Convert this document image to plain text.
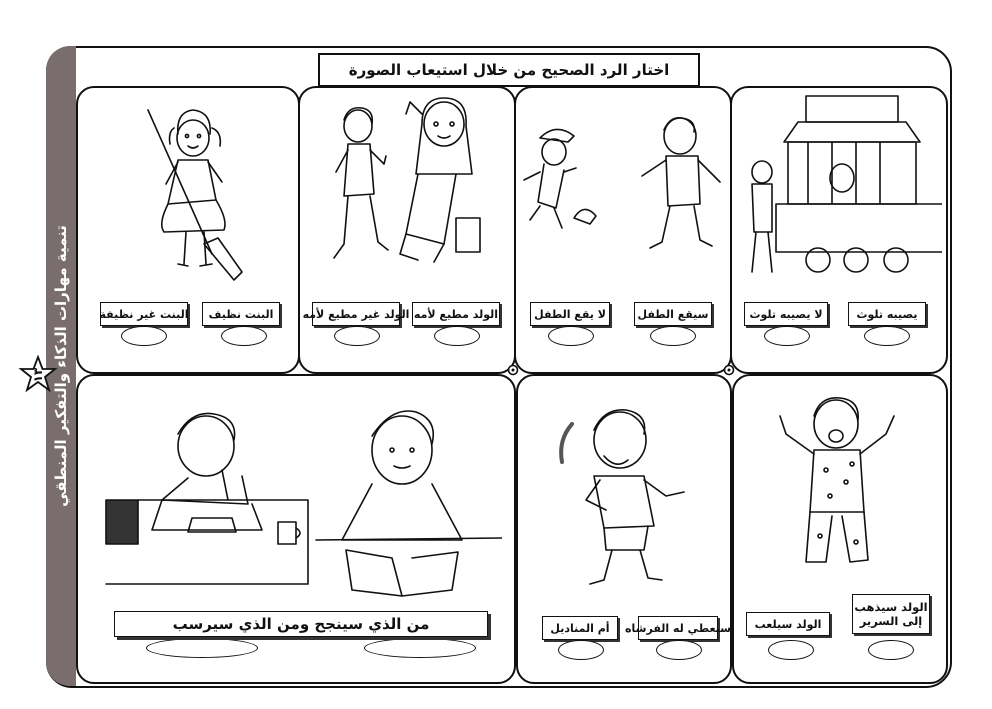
تنمية مهارات الذكاء والتفكير المنطقي
١٣
اختار الرد الصحيح من خلال استيعاب الصورة
البنت نظيف
البنت غير نظيفة	الولد مطيع لأمه
الولد غير مطيع لأمه	سيقع الطفل
لا يقع الطفل	يصيبه تلوث
لا يصيبه تلوث
من الذي سينجح ومن الذي سيرسب	سنعطي له الفرشاه
أم المناديل	الولد سيلعب
الولد سيذهب إلى السرير
